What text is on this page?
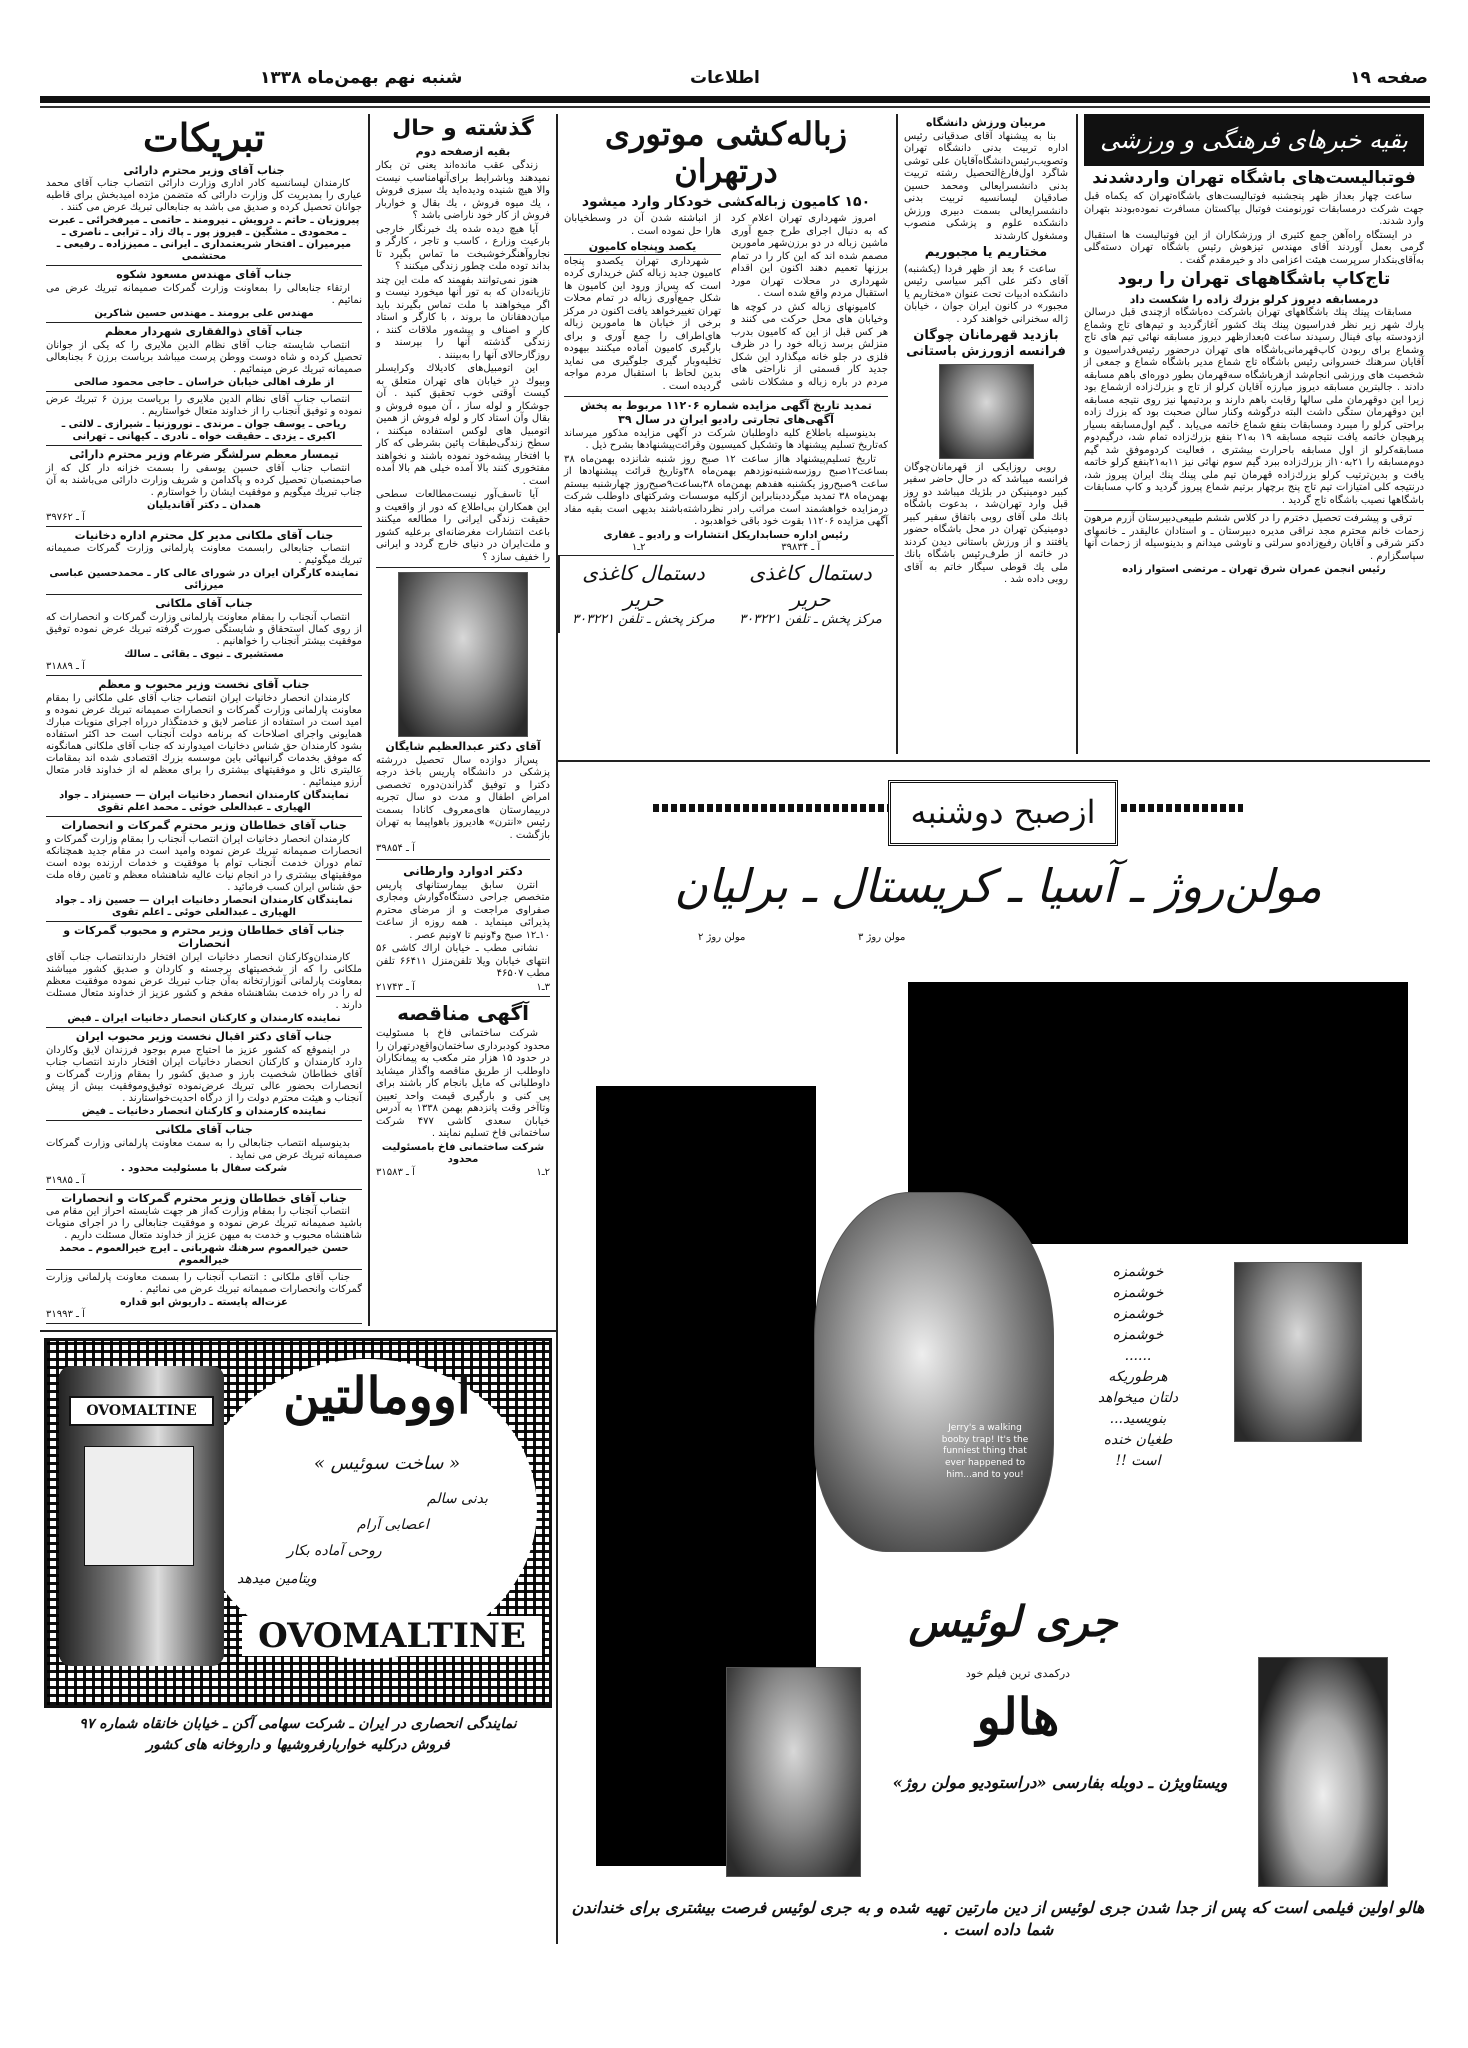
صفحه ۱۹
اطلاعات
شنبه نهم بهمن‌ماه ۱۳۳۸
تبریکات
جناب آقای وزیر محترم دارائی

کارمندان لیسانسیه کادر اداری وزارت دارائی انتصاب جناب آقای محمد عیاری را بمدیریت کل وزارت دارائی که متضمن مژده امیدبخش برای قاطبه جوانان تحصیل کرده و صدیق می باشد به جنابعالی تبریك عرض می کنند .

پیروزیان ـ حاتم ـ درویش ـ نیرومند ـ حاتمی ـ میرفخرائی ـ عبرت ـ محمودی ـ مشگین ـ فیروز پور ـ پاك زاد ـ ترابی ـ ناصری ـ میرمیران ـ افتخار شریعتمداری ـ ایرانی ـ ممیززاده ـ رفیعی ـ محتشمی
جناب آقای مهندس مسعود شکوه

ارتقاء جنابعالی را بمعاونت وزارت گمرکات صمیمانه تبریك عرض می نمائیم .

مهندس علی برومند ـ مهندس حسین شاکرین
جناب آقای ذوالفقاری شهردار معظم

انتصاب شایسته جناب آقای نظام الدین ملایری را که یکی از جوانان تحصیل کرده و شاه دوست ووطن پرست میباشد بریاست برزن ۶ بجنابعالی صمیمانه تبریك عرض مینمائیم .

از طرف اهالی خیابان خراسان ـ حاجی محمود صالحی

انتصاب جناب آقای نظام الدین ملایری را بریاست برزن ۶ تبریك عرض نموده و توفیق آنجناب را از خداوند متعال خواستاریم .

ریاحی ـ یوسف جوان ـ مرندی ـ نوروزنیا ـ شیرازی ـ لالتی ـ اکبری ـ یزدی ـ حقیقت خواه ـ نادری ـ کیهانی ـ تهرانی
تیمسار معظم سرلشگر ضرغام وزیر محترم دارائی

انتصاب جناب آقای حسین یوسفی را بسمت خزانه دار کل که از صاحبمنصبان تحصیل کرده و پاکدامن و شریف وزارت دارائی می‌باشند به آن جناب تبریك میگویم و موفقیت ایشان را خواستارم .

همدان ـ دکتر آقاندیلیان
آ ـ ۳۹۷۶۲
جناب آقای ملکانی مدیر کل محترم اداره دخانیات

انتصاب جنابعالی رابسمت معاونت پارلمانی وزارت گمرکات صمیمانه تبریك میگوئیم .

نماینده کارگران ایران در شورای عالی کار ـ محمدحسین عباسی میرزائی
جناب آقای ملکانی

انتصاب آنجناب را بمقام معاونت پارلمانی وزارت گمرکات و انحصارات که از روی کمال استحقاق و شایستگی صورت گرفته تبریك عرض نموده توفیق موفقیت بیشتر آنجناب را خواهانیم .

مستشیری ـ نیوی ـ بقائی ـ سالك
آ ـ ۳۱۸۸۹
جناب آقای نخست وزیر محبوب و معظم

کارمندان انحصار دخانیات ایران انتصاب جناب آقای علی ملکانی را بمقام معاونت پارلمانی وزارت گمرکات و انحصارات صمیمانه تبریك عرض نموده و امید است در استفاده از عناصر لایق و خدمتگذار درراه اجرای منویات مبارك همایونی واجرای اصلاحات که برنامه دولت آنجناب است حد اکثر استفاده بشود کارمندان حق شناس دخانیات امیدوارند که جناب آقای ملکانی همانگونه که موفق بخدمات گرانبهائی باین موسسه بزرك اقتصادی شده اند بمقامات عالیتری نائل و موفقیتهای بیشتری را برای معظم له از خداوند قادر متعال آرزو مینمائیم .

نمایندگان کارمندان انحصار دخانیات ایران — حسینزاد ـ جواد الهیاری ـ عبدالعلی خوئی ـ محمد اعلم تقوی
جناب آقای خطاطان وزیر محترم گمرکات و انحصارات

کارمندان انحصار دخانیات ایران انتصاب آنجناب را بمقام وزارت گمرکات و انحصارات صمیمانه تبریك عرض نموده وامید است در مقام جدید همچنانکه تمام دوران خدمت آنجناب توام با موفقیت و خدمات ارزنده بوده است موفقیتهای بیشتری را در انجام نیات عالیه شاهنشاه معظم و تامین رفاه ملت حق شناس ایران کسب فرمائید .

نمایندگان کارمندان انحصار دخانیات ایران — حسین زاد ـ جواد الهیاری ـ عبدالعلی خوئی ـ اعلم تقوی
جناب آقای خطاطان وزیر محترم و محبوب گمرکات و انحصارات

کارمندان‌وکارکنان انحصار دخانیات ایران افتخار دارندانتصاب جناب آقای ملکانی را که از شخصیتهای برجسته و کاردان و صدیق کشور میباشند بمعاونت پارلمانی آنوزارتخانه به‌آن جناب تبریك عرض نموده موفقیت معظم له را در راه خدمت بشاهنشاه مفخم و کشور عزیز از خداوند متعال مسئلت دارند .

نماینده کارمندان و کارکنان انحصار دخانیات ایران ـ فیض
جناب آقای دکتر اقبال نخست وزیر محبوب ایران

در اینموقع که کشور عزیز ما احتیاج مبرم بوجود فرزندان لایق وکاردان دارد کارمندان و کارکنان انحصار دخانیات ایران افتخار دارند انتصاب جناب آقای خطاطان شخصیت بارز و صدیق کشور را بمقام وزارت گمرکات و انحصارات بحضور عالی تبریك عرض‌نموده توفیق‌وموفقیت بیش از پیش آنجناب و هیئت محترم دولت را از درگاه احدیت‌خواستارند .

نماینده کارمندان و کارکنان انحصار دخانیات ـ فیض
جناب آقای ملکانی

بدینوسیله انتصاب جنابعالی را به سمت معاونت پارلمانی وزارت گمرکات صمیمانه تبریك عرض می نماید .

شرکت سفال با مسئولیت محدود .
آ ـ ۳۱۹۸۵
جناب آقای خطاطان وزیر محترم گمرکات و انحصارات

انتصاب آنجناب را بمقام وزارت که‌از هر جهت شایسته احراز این مقام می باشید صمیمانه تبریك عرض نموده و موفقیت جنابعالی را در اجرای منویات شاهنشاه محبوب و خدمت به میهن عزیز از خداوند متعال مسئلت داریم .

حسن خیرالعموم سرهنك شهربانی ـ ایرج خیرالعموم ـ محمد خیرالعموم

جناب آقای ملکانی : انتصاب آنجناب را بسمت معاونت پارلمانی وزارت گمرکات وانحصارات صمیمانه تبریك عرض می نمائیم .

عزت‌اله پایسته ـ داریوش ابو قداره
آ ـ ۳۱۹۹۳
گذشته و حال
بقیه ازصفحه دوم

زندگی عقب مانده‌اند یعنی تن بکار نمیدهند وباشرایط برای‌آنهامناسب نیست والا هیچ شنیده ودیده‌اید یك سبزی فروش ، یك میوه فروش ، یك بقال و خواربار فروش از کار خود ناراضی باشد ؟

آیا هیچ دیده شده یك خبرنگار خارجی بارعیت وزارع ، کاسب و تاجر ، کارگر و نجاروآهنگرخوشبخت ما تماس بگیرد تا بداند توده ملت چطور زندگی میکنند ؟

هنوز نمی‌توانند بفهمند که ملت این چند تازیانه‌دان که به تور آنها میخورد نیست و اگر میخواهند با ملت تماس بگیرند باید میان‌دهقانان ما بروند ، با کارگر و استاد کار و اصناف و پیشه‌ور ملاقات کنند ، زندگی گذشته آنها را بپرسند و روزگارحالای آنها را به‌بینند .

این اتومبیل‌های کادیلاك وکرایسلر وبیوك در خیابان های تهران متعلق به کیست آوقتی خوب تحقیق کنید . آن جوشکار و لوله ساز ، آن میوه فروش و بقال وآن استاد کار و لوله فروش از همین اتومبیل های لوکس استفاده میکنند ، سطح زندگی‌طبقات پائین بشرطی که کار با افتخار پیشه‌خود نموده باشند و نخواهند مفتخوری کنند بالا آمده خیلی هم بالا آمده است .

آیا تاسف‌آور نیست‌مطالعات سطحی این همکاران بی‌اطلاع که دور از واقعیت و حقیقت زندگی ایرانی را مطالعه میکنند باعث انتشارات مغرضانه‌ای برعلیه کشور و ملت‌ایران در دنیای خارج گردد و ایرانی را خفیف سازد ؟

آقای دکتر عبدالعظیم شایگان

پس‌از دوازده سال تحصیل دررشته پزشکی در دانشگاه پاریس باخذ درجه دکترا و توفیق گذراندن‌دوره تخصصی امراض اطفال و مدت دو سال تجربه دربیمارستان های‌معروف کانادا بسمت رئیس «انترن» هادیروز باهواپیما به تهران بازگشت .

آ ـ ۳۹۸۵۴
دکتر ادوارد وارطانی

انترن سابق بیمارستانهای پاریس متخصص جراحی دستگاه‌گوارش ومجاری صفراوی مراجعت و از مرضای محترم پذیرائی مینماید . همه روزه از ساعت ۱۰ـ۱۲ صبح و۴ونیم تا ۷ونیم عصر .

نشانی مطب ـ خیابان اراك کاشی ۵۶ انتهای خیابان ویلا تلفن‌منزل ۶۶۴۱۱ تلفن مطب ۴۶۵۰۷

۳ـ۱
آ ـ ۲۱۷۴۳
آگهی مناقصه

شرکت ساختمانی فاخ با مسئولیت محدود کودبرداری ساختمان‌واقع‌درتهران را در حدود ۱۵ هزار متر مکعب به پیمانکاران داوطلب از طریق مناقصه واگذار میشاید داوطلبانی که مایل بانجام کار باشند برای پی کنی و بارگیری قیمت واحد تعیین وتاآخر وقت پانزدهم بهمن ۱۳۳۸ به آدرس خیابان سعدی کاشی ۴۷۷ شرکت ساختمانی فاخ تسلیم نمایند .

شرکت ساختمانی فاخ بامسئولیت محدود
۲ـ۱
آ ـ ۳۱۵۸۳
اوومالتین
« ساخت سوئیس »
بدنی سالم
اعصابی آرام
روحی آماده بکار
ویتامین میدهد
OVOMALTINE
OVOMALTINE
نمایندگی انحصاری در ایران ـ شرکت سهامی آکن ـ خیابان خانقاه شماره ۹۷
فروش درکلیه خواربارفروشیها و داروخانه های کشور
زباله‌کشی موتوری درتهران
۱۵۰ کامیون زباله‌کشی خودکار وارد میشود

امروز شهرداری تهران اعلام کرد که به دنبال اجرای طرح جمع آوری ماشین زباله در دو برزن‌شهر مامورین مصمم شده اند که این کار را در تمام برزنها تعمیم دهند اکنون این اقدام شهرداری در محلات تهران مورد استقبال مردم واقع شده است .

کامیونهای زباله کش در کوچه ها وخیابان های محل حرکت می کنند و هر کس قبل از این که کامیون بدرب منزلش برسد زباله خود را در ظرف فلزی در جلو خانه میگذارد این شکل جدید کار قسمتی از ناراحتی های مردم در باره زباله و مشکلات ناشی از انباشته شدن آن در وسطخیابان هارا حل نموده است .

یکصد وپنجاه کامیون

شهرداری تهران یکصدو پنجاه کامیون جدید زباله کش خریداری کرده است که پس‌از ورود این کامیون ها شکل جمع‌آوری زباله در تمام محلات تهران تغییرخواهد یافت اکنون در مرکز برخی از خیابان ها مامورین زباله های‌اطراف را جمع آوری و برای بارگیری کامیون آماده میکنند بیهوده تخلیه‌وبار گیری جلوگیری می نماید بدین لحاظ با استقبال مردم مواجه گردیده است .

تمدید تاریخ آگهی مزایده شماره ۱۱۲۰۶ مربوط به پخش آگهی‌های تجارتی رادیو ایران در سال ۳۹

بدینوسیله باطلاع کلیه داوطلبان شرکت در آگهی مزایده مذکور میرساند که‌تاریخ تسلیم پیشنهاد ها وتشکیل کمیسیون وقرائت‌پیشنهادها بشرح ذیل .

تاریخ تسلیم‌پیشنهاد هااز ساعت ۱۲ صبح روز شنبه شانزده بهمن‌ماه ۳۸ بساعت۱۲صبح روزسه‌شنبه‌نوزدهم بهمن‌ماه ۳۸وتاریخ قرائت پیشنهادها از ساعت ۹صبح‌روز یکشنبه هفدهم بهمن‌ماه ۳۸بساعت۹صبح‌روز چهارشنبه بیستم بهمن‌ماه ۳۸ تمدید میگرددبنابراین ازکلیه موسسات وشرکتهای داوطلب شرکت درمزایده خواهشمند است مراتب رادر نظرداشته‌باشند بدیهی است بقیه مفاد آگهی مزایده ۱۱۲۰۶ بقوت خود باقی خواهدبود .

رئیس اداره حسابداریکل انتشارات و رادیو ـ غفاری
آ ـ ۳۹۸۳۴
۲ـ۱
دستمال کاغذی حریر
مرکز پخش ـ تلفن ۳۰۳۲۲۱
دستمال کاغذی حریر
مرکز پخش ـ تلفن ۳۰۳۲۲۱
مربیان ورزش دانشگاه

بنا به پیشنهاد آقای صدقیانی رئیس اداره تربیت بدنی دانشگاه تهران وتصویب‌رئیس‌دانشگاه‌آقایان علی توشی شاگرد اول‌فارغ‌التحصیل رشته تربیت بدنی دانشسرایعالی ومحمد حسین صادقیان لیسانسیه تربیت بدنی دانشسرایعالی بسمت دبیری ورزش دانشکده علوم و پزشکی منصوب ومشغول کارشدند

مختاریم یا مجبوریم

ساعت ۶ بعد از ظهر فردا (یکشنبه) آقای دکتر علی اکبر سیاسی رئیس دانشکده ادبیات تحت عنوان «مختاریم یا مجبور» در کانون ایران جوان ، خیابان ژاله سخنرانی خواهند کرد .

بازدید قهرمانان چوگان فرانسه ازورزش باستانی

روبی روزایکی از قهرمانان‌چوگان فرانسه میباشد که در حال حاضر سفیر کبیر دومینیکن در بلژیك میباشد دو روز قبل وارد تهران‌شد ، بدعوت باشگاه بانك ملی آقای روبی باتفاق سفیر کبیر دومینیکن تهران در محل باشگاه حضور یافتند و از ورزش باستانی دیدن کردند در خاتمه از طرف‌رئیس باشگاه بانك ملی یك قوطی سیگار خاتم به آقای روبی داده شد .

بقیه خبرهای فرهنگی و ورزشی
فوتبالیست‌های باشگاه تهران واردشدند

ساعت چهار بعداز ظهر پنجشنبه فوتبالیست‌های باشگاه‌تهران که یکماه قبل جهت شرکت درمسابقات تورنومنت فوتبال بپاکستان مسافرت نموده‌بودند بتهران وارد شدند.

در ایستگاه راه‌آهن جمع کثیری از ورزشکاران از این فوتبالیست ها استقبال گرمی بعمل آوردند آقای مهندس تیزهوش رئیس باشگاه تهران دسته‌گلی به‌آقای‌بنکدار سرپرست هیئت اعزامی داد و خیرمقدم گفت .

تاج‌کاپ باشگاههای تهران را ربود
درمسابقه دیروز کرلو بزرك زاده را شکست داد

مسابقات پینك پنك باشگاههای تهران باشرکت ده‌باشگاه ازچندی قبل درسالن پارك شهر زیر نظر فدراسیون پینك پنك کشور آغازگردید و تیم‌های تاج وشماع ازدودسته بپای فینال رسیدند ساعت ۵بعدازظهر دیروز مسابقه نهائی تیم های تاج وشماع برای ربودن کاپ‌قهرمانی‌باشگاه های تهران درحضور رئیس‌فدراسیون و آقایان سرهنك خسروانی رئیس باشگاه تاج شماع مدیر باشگاه شماع و جمعی از شخصیت های ورزشی انجام‌شد ازهرباشگاه سه‌قهرمان بطور دوره‌ای باهم مسابقه دادند . جالبترین مسابقه دیروز مبارزه آقایان کرلو از تاج و بزرك‌زاده ازشماع بود زیرا این دوقهرمان ملی سالها رقابت باهم دارند و بردتیمها نیز روی نتیجه مسابقه این دوقهرمان ستگی داشت البته درگوشه وکنار سالن صحبت بود که بزرك زاده براحتی کرلو را میبرد ومسابقات بنفع شماع خاتمه می‌یابد . گیم اول‌مسابقه بسیار پرهیجان خاتمه یافت نتیجه مسابقه ۱۹ به۲۱ بنفع بزرك‌زاده تمام شد، درگیم‌دوم مسابقه‌کرلو از اول مسابقه باحرارت بیشتری ، فعالیت کردوموفق شد گیم دوم‌مسابقه را ۲۱به۱۰از بزرك‌زاده ببرد گیم سوم نهائی نیز ۱۱به۲۱بنفع کرلو خاتمه یافت و بدین‌ترتیب کرلو بزرك‌زاده قهرمان تیم ملی پینك پنك ایران پیروز شد، درنتیجه کلی امتیازات تیم تاج پنج برچهار برتیم شماع پیروز گردید و کاپ مسابقات باشگاهها نصیب باشگاه تاج گردید .

ترقی و پیشرفت تحصیل دخترم را در کلاس ششم طبیعی‌دبیرستان آزرم مرهون زحمات خانم محترم مجد نراقی مدیره دبیرستان ـ و استادان عالیقدر ـ خانمهای دکتر شرقی و آقایان رفیع‌زاده‌و سرلتی و ناوشی میدانم و بدینوسیله از زحمات آنها سپاسگزارم .

رئیس انجمن عمران شرق تهران ـ مرتضی استوار زاده
ازصبح دوشنبه
مولن‌روژ ـ آسیا ـ کریستال ـ برلیان
مولن روژ ۲	مولن روژ ۳
Jerry's a walking booby trap! It's the funniest thing that ever happened to him...and to you!
خوشمزه
خوشمزه
خوشمزه
خوشمزه
......
هرطوریکه
دلتان میخواهد
بنویسید...
طغیان خنده
است !!
جری لوئیس
درکمدی ترین فیلم خود
هالو
ویستاویژن ـ دوبله بفارسی «دراستودیو مولن روژ»
هالو اولین فیلمی است که پس از جدا شدن جری لوئیس از دین مارتین تهیه شده و به جری لوئیس فرصت بیشتری برای خنداندن شما داده است .
